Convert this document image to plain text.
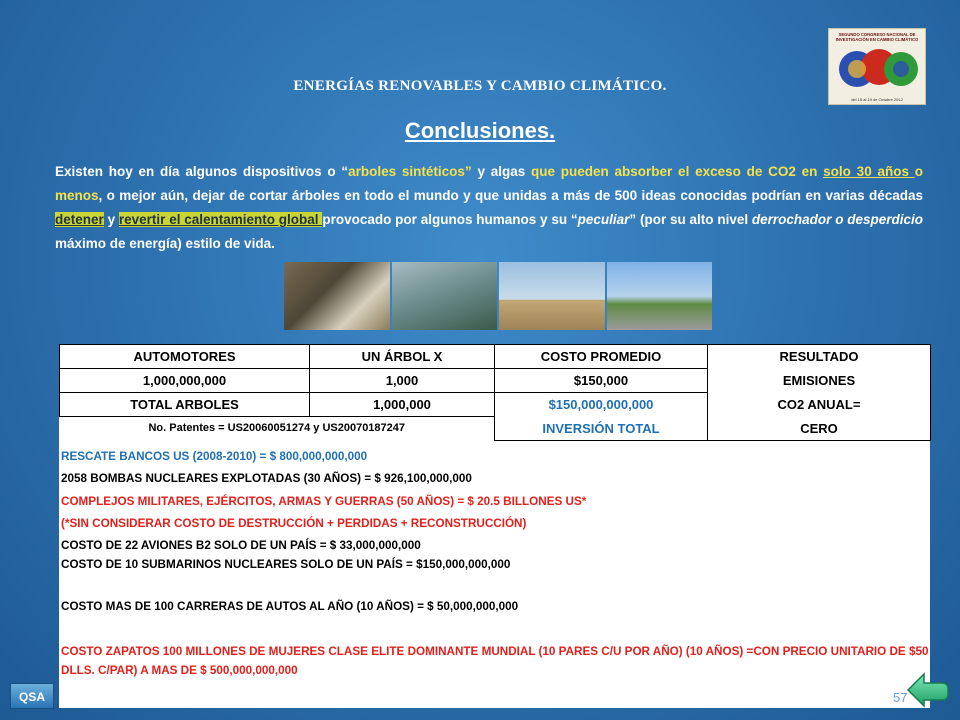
ENERGÍAS RENOVABLES Y CAMBIO CLIMÁTICO.
SEGUNDO CONGRESO NACIONAL DE INVESTIGACIÓN EN CAMBIO CLIMÁTICO
del 15 al 19 de Octubre 2012
Conclusiones.
Existen hoy en día algunos dispositivos o “arboles sintéticos” y algas que pueden absorber el exceso de CO2 en solo 30 años o menos, o mejor aún, dejar de cortar árboles en todo el mundo y que unidas a más de 500 ideas conocidas podrían en varias décadas detener y revertir el calentamiento global provocado por algunos humanos y su “peculiar” (por su alto nivel derrochador o desperdicio máximo de energía) estilo de vida.
AUTOMOTORES	UN ÁRBOL X	COSTO PROMEDIO	RESULTADO
1,000,000,000	1,000	$150,000	EMISIONES
TOTAL ARBOLES	1,000,000	$150,000,000,000	CO2 ANUAL=
No. Patentes = US20060051274 y US20070187247		INVERSIÓN TOTAL	CERO
RESCATE BANCOS US (2008-2010) = $ 800,000,000,000
2058 BOMBAS NUCLEARES EXPLOTADAS (30 AÑOS) = $ 926,100,000,000
COMPLEJOS MILITARES, EJÉRCITOS, ARMAS Y GUERRAS (50 AÑOS) = $ 20.5 BILLONES US*
(*SIN CONSIDERAR COSTO DE DESTRUCCIÓN + PERDIDAS + RECONSTRUCCIÓN)
COSTO DE 22 AVIONES B2 SOLO DE UN PAÍS = $ 33,000,000,000
COSTO DE 10 SUBMARINOS NUCLEARES SOLO DE UN PAÍS = $150,000,000,000
COSTO MAS DE 100 CARRERAS DE AUTOS AL AÑO (10 AÑOS) = $ 50,000,000,000
COSTO ZAPATOS 100 MILLONES DE MUJERES CLASE ELITE DOMINANTE MUNDIAL (10 PARES C/U POR AÑO) (10 AÑOS) =CON PRECIO UNITARIO DE $50 DLLS. C/PAR) A MAS DE $ 500,000,000,000
QSA	57
